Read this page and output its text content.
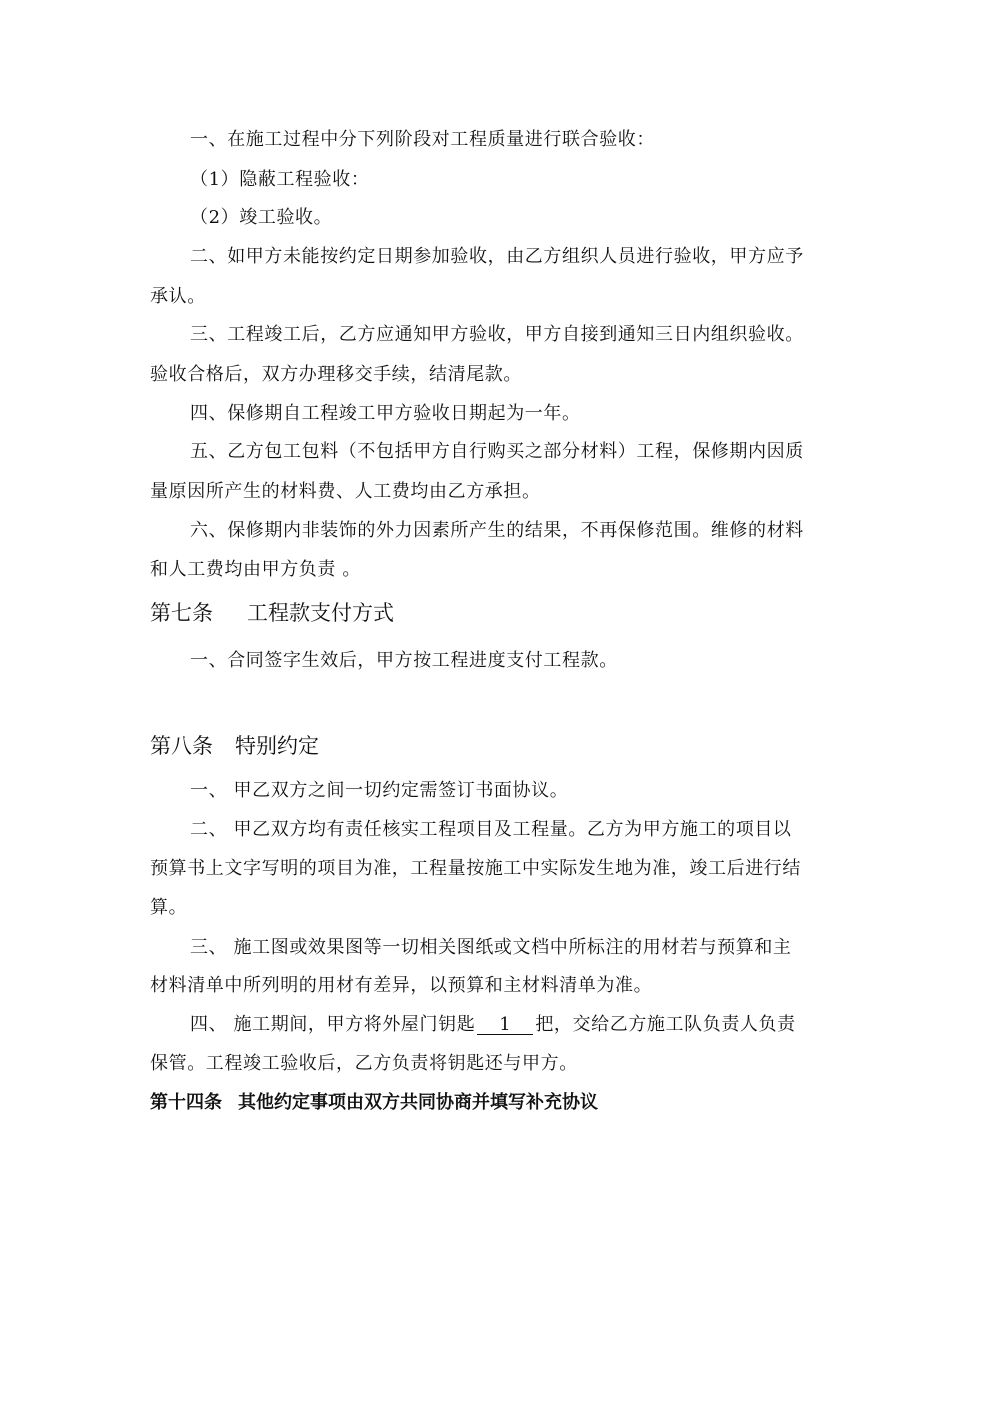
一、在施工过程中分下列阶段对工程质量进行联合验收：
（1）隐蔽工程验收：
（2）竣工验收。
二、如甲方未能按约定日期参加验收，由乙方组织人员进行验收，甲方应予
承认。
三、工程竣工后，乙方应通知甲方验收，甲方自接到通知三日内组织验收。
验收合格后，双方办理移交手续，结清尾款。
四、保修期自工程竣工甲方验收日期起为一年。
五、乙方包工包料（不包括甲方自行购买之部分材料）工程，保修期内因质
量原因所产生的材料费、人工费均由乙方承担。
六、保修期内非装饰的外力因素所产生的结果，不再保修范围。维修的材料
和人工费均由甲方负责 。
第七条 工程款支付方式
一、合同签字生效后，甲方按工程进度支付工程款。
第八条 特别约定
一、 甲乙双方之间一切约定需签订书面协议。
二、 甲乙双方均有责任核实工程项目及工程量。乙方为甲方施工的项目以
预算书上文字写明的项目为准，工程量按施工中实际发生地为准，竣工后进行结
算。
三、 施工图或效果图等一切相关图纸或文档中所标注的用材若与预算和主
材料清单中所列明的用材有差异，以预算和主材料清单为准。
四、 施工期间，甲方将外屋门钥匙 1 把，交给乙方施工队负责人负责
保管。工程竣工验收后，乙方负责将钥匙还与甲方。
第十四条 其他约定事项由双方共同协商并填写补充协议
